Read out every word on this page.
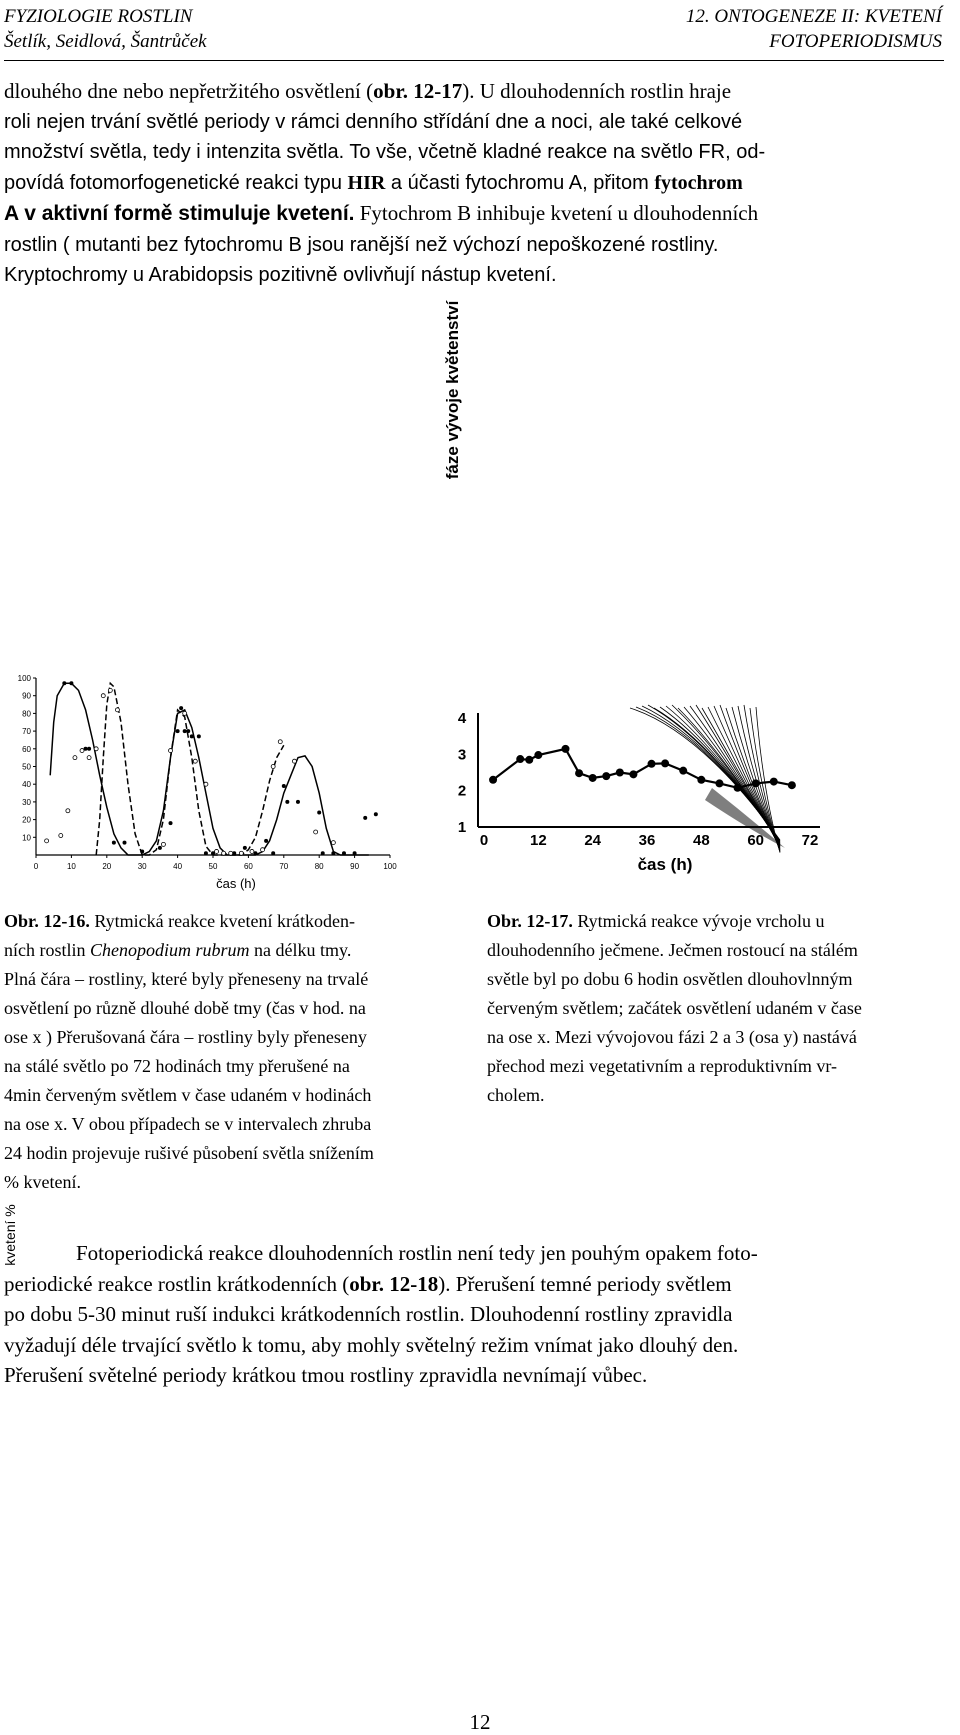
FYZIOLOGIE ROSTLIN
Šetlík, Seidlová, Šantrůček
12. ONTOGENEZE II: KVETENÍ
FOTOPERIODISMUS
dlouhého dne nebo nepřetržitého osvětlení (obr. 12-17). U dlouhodenních rostlin hraje
roli nejen trvání světlé periody v rámci denního střídání dne a noci, ale také celkové
množství světla, tedy i intenzita světla. To vše, včetně kladné reakce na světlo FR, od-
povídá fotomorfogenetické reakci typu HIR a účasti fytochromu A, přitom fytochrom
A v aktivní formě stimuluje kvetení. Fytochrom B inhibuje kvetení u dlouhodenních
rostlin ( mutanti bez fytochromu B jsou ranější než výchozí nepoškozené rostliny.
Kryptochromy u Arabidopsis pozitivně ovlivňují nástup kvetení.
0	10	20	30	40	50	60	70	80	90	100
10
20
30
40
50
60
70
80
90
100
čas (h)
kvetení %
0	12	24	36	48	60	72
1
2
3
4
čas (h)
fáze vývoje květenství
Obr. 12-16. Rytmická reakce kvetení krátkoden-
ních rostlin Chenopodium rubrum na délku tmy.
Plná čára – rostliny, které byly přeneseny na trvalé
osvětlení po různě dlouhé době tmy (čas v hod. na
ose x ) Přerušovaná čára – rostliny byly přeneseny
na stálé světlo po 72 hodinách tmy přerušené na
4min červeným světlem v čase udaném v hodinách
na ose x. V obou případech se v intervalech zhruba
24 hodin projevuje rušivé působení světla snížením
% kvetení.
Obr. 12-17. Rytmická reakce vývoje vrcholu u
dlouhodenního ječmene. Ječmen rostoucí na stálém
světle byl po dobu 6 hodin osvětlen dlouhovlnným
červeným světlem; začátek osvětlení udaném v čase
na ose x. Mezi vývojovou fázi 2 a 3 (osa y) nastává
přechod mezi vegetativním a reproduktivním vr-
cholem.
Fotoperiodická reakce dlouhodenních rostlin není tedy jen pouhým opakem foto-
periodické reakce rostlin krátkodenních (obr. 12-18). Přerušení temné periody světlem
po dobu 5-30 minut ruší indukci krátkodenních rostlin. Dlouhodenní rostliny zpravidla
vyžadují déle trvající světlo k tomu, aby mohly světelný režim vnímat jako dlouhý den.
Přerušení světelné periody krátkou tmou rostliny zpravidla nevnímají vůbec.
12
